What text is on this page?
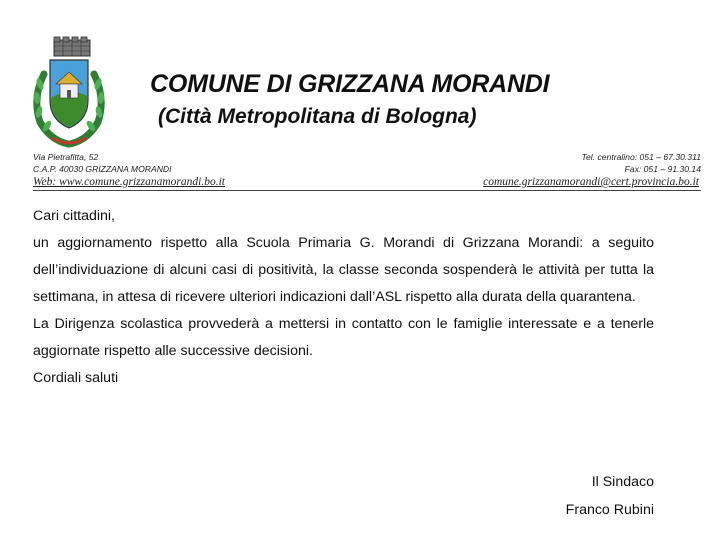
COMUNE DI GRIZZANA MORANDI
(Città Metropolitana di Bologna)
Via Pietrafitta, 52	Tel. centralino: 051 – 67.30.311
C.A.P. 40030 GRIZZANA MORANDI	Fax: 051 – 91.30.14
Web: www.comune.grizzanamorandi.bo.it	comune.grizzanamorandi@cert.provincia.bo.it
Cari cittadini,

un aggiornamento rispetto alla Scuola Primaria G. Morandi di Grizzana Morandi: a seguito dell’individuazione di alcuni casi di positività, la classe seconda sospenderà le attività per tutta la settimana, in attesa di ricevere ulteriori indicazioni dall’ASL rispetto alla durata della quarantena.

La Dirigenza scolastica provvederà a mettersi in contatto con le famiglie interessate e a tenerle aggiornate rispetto alle successive decisioni.

Cordiali saluti
Il Sindaco
Franco Rubini
